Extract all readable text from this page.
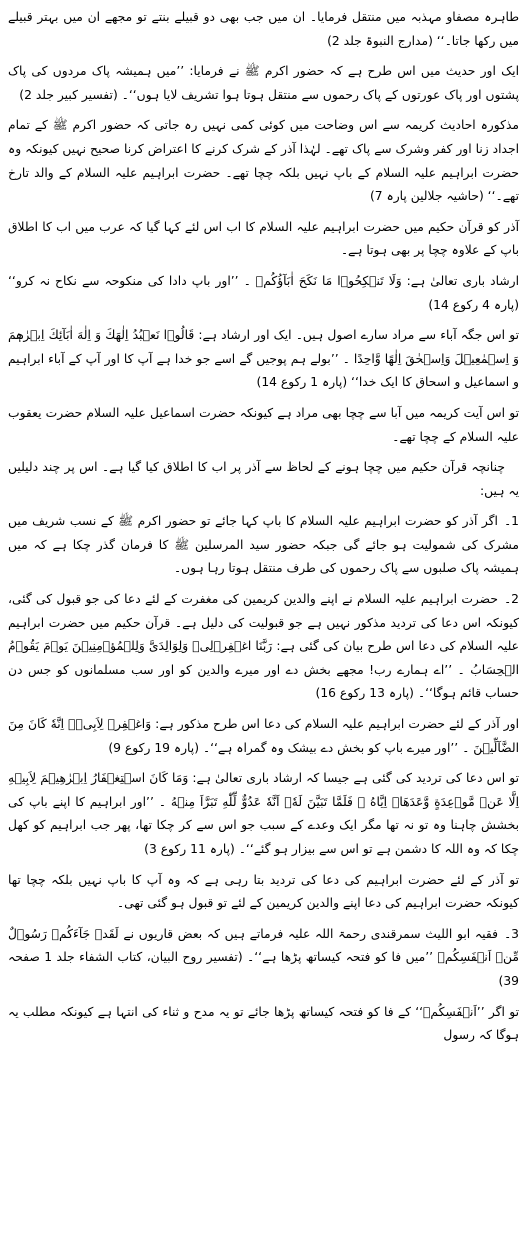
طاہرہ مصفاو مہذبہ میں منتقل فرمایا۔ ان میں جب بھی دو قبیلے بنتے تو مجھے ان میں بہتر قبیلے میں رکھا جاتا۔‘‘ (مدارج النبوۃ جلد 2)

ایک اور حدیث میں اس طرح ہے کہ حضور اکرم ﷺ نے فرمایا: ’’میں ہمیشہ پاک مردوں کی پاک پشتوں اور پاک عورتوں کے پاک رحموں سے منتقل ہوتا ہوا تشریف لایا ہوں‘‘۔ (تفسیر کبیر جلد 2)

مذکورہ احادیث کریمہ سے اس وضاحت میں کوئی کمی نہیں رہ جاتی کہ حضور اکرم ﷺ کے تمام اجداد زنا اور کفر وشرک سے پاک تھے۔ لہٰذا آذر کے شرک کرنے کا اعتراض کرنا صحیح نہیں کیونکہ وہ حضرت ابراہیم علیہ السلام کے باپ نہیں بلکہ چچا تھے۔ حضرت ابراہیم علیہ السلام کے والد تارخ تھے۔‘‘ (حاشیہ جلالین پارہ 7)

آذر کو قرآن حکیم میں حضرت ابراہیم علیہ السلام کا اب اس لئے کہا گیا کہ عرب میں اب کا اطلاق باپ کے علاوہ چچا پر بھی ہوتا ہے۔

ارشاد باری تعالیٰ ہے: وَلَا تَنۡكِحُوۡا مَا نَكَحَ اٰبَآؤُكُمۡ ۔ ’’اور باپ دادا کی منکوحہ سے نکاح نہ کرو‘‘ (پارہ 4 رکوع 14)

تو اس جگہ آباء سے مراد سارے اصول ہیں۔ ایک اور ارشاد ہے: قَالُوۡا نَعۡبُدُ اِلٰهَكَ وَ اِلٰهَ اٰبَآئِكَ اِبۡرٰهٖمَ وَ اِسۡمٰعِيۡلَ وَاِسۡحٰقَ اِلٰهًا وَّاحِدًا ۔ ’’بولے ہم پوجیں گے اسے جو خدا ہے آپ کا اور آپ کے آباء ابراہیم و اسماعیل و اسحاق کا ایک خدا‘‘ (پارہ 1 رکوع 14)

تو اس آیت کریمہ میں آبا سے چچا بھی مراد ہے کیونکہ حضرت اسماعیل علیہ السلام حضرت یعقوب علیہ السلام کے چچا تھے۔

چنانچہ قرآن حکیم میں چچا ہونے کے لحاظ سے آذر پر اب کا اطلاق کیا گیا ہے۔ اس پر چند دلیلیں یہ ہیں:

1۔اگر آذر کو حضرت ابراہیم علیہ السلام کا باپ کہا جائے تو حضور اکرم ﷺ کے نسب شریف میں مشرک کی شمولیت ہو جائے گی جبکہ حضور سید المرسلین ﷺ کا فرمان گذر چکا ہے کہ میں ہمیشہ پاک صلبوں سے پاک رحموں کی طرف منتقل ہوتا رہا ہوں۔

2۔حضرت ابراہیم علیہ السلام نے اپنے والدین کریمین کی مغفرت کے لئے دعا کی جو قبول کی گئی، کیونکہ اس دعا کی تردید مذکور نہیں ہے جو قبولیت کی دلیل ہے۔ قرآن حکیم میں حضرت ابراہیم علیہ السلام کی دعا اس طرح بیان کی گئی ہے: رَبَّنَا اغۡفِرۡلِىۡ وَلِوَالِدَىَّ وَلِلۡمُؤۡمِنِيۡنَ يَوۡمَ يَقُوۡمُ الۡحِسَابُ ۔ ’’اے ہمارے رب! مجھے بخش دے اور میرے والدین کو اور سب مسلمانوں کو جس دن حساب قائم ہوگا‘‘۔ (پارہ 13 رکوع 16)

اور آذر کے لئے حضرت ابراہیم علیہ السلام کی دعا اس طرح مذکور ہے: وَاغۡفِرۡ لِاَبِىۡۤ اِنَّهٗ كَانَ مِنَ الضَّآلِّيۡنَ ۔ ’’اور میرے باپ کو بخش دے بیشک وہ گمراہ ہے‘‘۔ (پارہ 19 رکوع 9)

تو اس دعا کی تردید کی گئی ہے جیسا کہ ارشاد باری تعالیٰ ہے: وَمَا كَانَ اسۡتِغۡفَارُ اِبۡرٰهِيۡمَ لِاَبِيۡهِ اِلَّا عَنۡ مَّوۡعِدَةٍ وَّعَدَهَاۤ اِيَّاهُ ۚ فَلَمَّا تَبَيَّنَ لَهٗۤ اَنَّهٗ عَدُوٌّ لِّلّٰهِ تَبَرَّاَ مِنۡهُ ۔ ’’اور ابراہیم کا اپنے باپ کی بخشش چاہنا وہ تو نہ تھا مگر ایک وعدے کے سبب جو اس سے کر چکا تھا، پھر جب ابراہیم کو کھل چکا کہ وہ اللہ کا دشمن ہے تو اس سے بیزار ہو گئے‘‘۔ (پارہ 11 رکوع 3)

تو آذر کے لئے حضرت ابراہیم کی دعا کی تردید بتا رہی ہے کہ وہ آپ کا باپ نہیں بلکہ چچا تھا کیونکہ حضرت ابراہیم کی دعا اپنے والدین کریمین کے لئے تو قبول ہو گئی تھی۔

3۔فقیہ ابو اللیث سمرقندی رحمۃ اللہ علیہ فرماتے ہیں کہ بعض قاریوں نے لَقَدۡ جَآءَكُمۡ رَسُوۡلٌ مِّنۡ اَنۡفَسِكُمۡ ’’میں فا کو فتحہ کیساتھ پڑھا ہے‘‘۔ (تفسیر روح البیان، کتاب الشفاء جلد 1 صفحہ 39)

تو اگر ’’اَنۡفَسِكُمۡ‘‘ کے فا کو فتحہ کیساتھ پڑھا جائے تو یہ مدح و ثناء کی انتہا ہے کیونکہ مطلب یہ ہوگا کہ رسول
